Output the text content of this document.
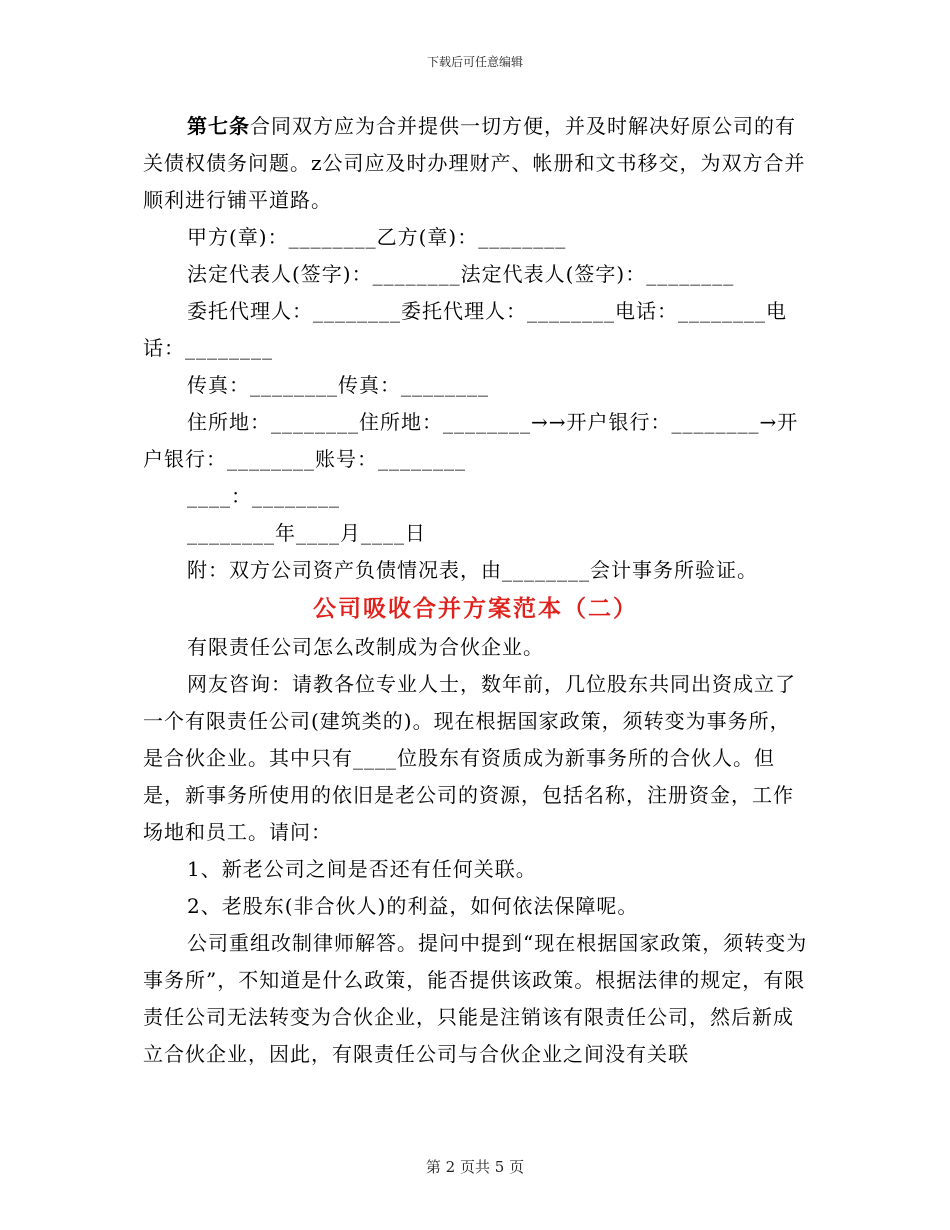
下载后可任意编辑

第七条合同双方应为合并提供一切方便，并及时解决好原公司的有关债权债务问题。z公司应及时办理财产、帐册和文书移交，为双方合并顺利进行铺平道路。

甲方(章)：________乙方(章)：________

法定代表人(签字)：________法定代表人(签字)：________

委托代理人：________委托代理人：________电话：________电话：________

传真：________传真：________

住所地：________住所地：________→→开户银行：________→开户银行：________账号：________

____：________

________年____月____日

附：双方公司资产负债情况表，由________会计事务所验证。

公司吸收合并方案范本（二）

有限责任公司怎么改制成为合伙企业。

网友咨询：请教各位专业人士，数年前，几位股东共同出资成立了一个有限责任公司(建筑类的)。现在根据国家政策，须转变为事务所，是合伙企业。其中只有____位股东有资质成为新事务所的合伙人。但是，新事务所使用的依旧是老公司的资源，包括名称，注册资金，工作场地和员工。请问：

1、新老公司之间是否还有任何关联。

2、老股东(非合伙人)的利益，如何依法保障呢。

公司重组改制律师解答。提问中提到“现在根据国家政策，须转变为事务所”，不知道是什么政策，能否提供该政策。根据法律的规定，有限责任公司无法转变为合伙企业，只能是注销该有限责任公司，然后新成立合伙企业，因此，有限责任公司与合伙企业之间没有关联

第 2 页共 5 页
